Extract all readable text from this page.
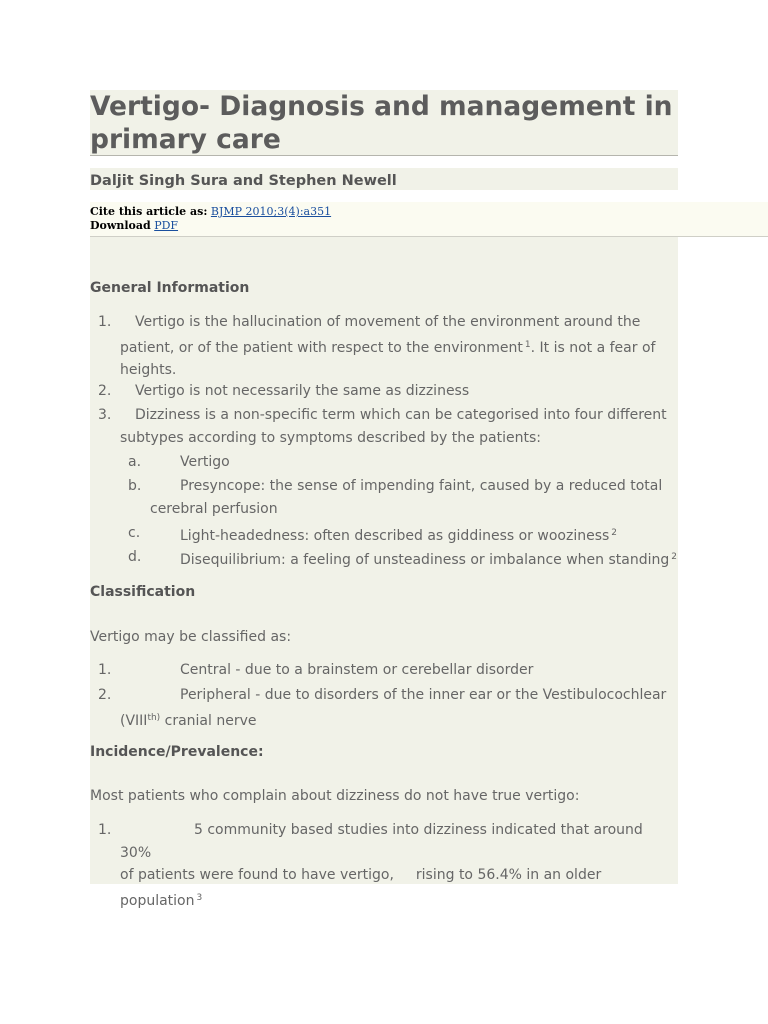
Vertigo- Diagnosis and management in primary care

Daljit Singh Sura and Stephen Newell

Cite this article as: BJMP 2010;3(4):a351
Download PDF
General Information
1.	Vertigo is the hallucination of movement of the environment around the patient, or of the patient with respect to the environment $^1$. It is not a fear of heights.
2.	Vertigo is not necessarily the same as dizziness
3.	Dizziness is a non-specific term which can be categorised into four different subtypes according to symptoms described by the patients:
a.	Vertigo
b.	Presyncope: the sense of impending faint, caused by a reduced total cerebral perfusion
c.	Light-headedness: often described as giddiness or wooziness $^2$
d.	Disequilibrium: a feeling of unsteadiness or imbalance when standing $^2$
Classification

Vertigo may be classified as:

1.	Central - due to a brainstem or cerebellar disorder
2.	Peripheral - due to disorders of the inner ear or the Vestibulocochlear
($VIII^{th)}$ cranial nerve
Incidence/Prevalence:

Most patients who complain about dizziness do not have true vertigo:

1.	5 community based studies into dizziness indicated that around 30%
of patients were found to have vertigo, rising to 56.4% in an older
population $^3$
